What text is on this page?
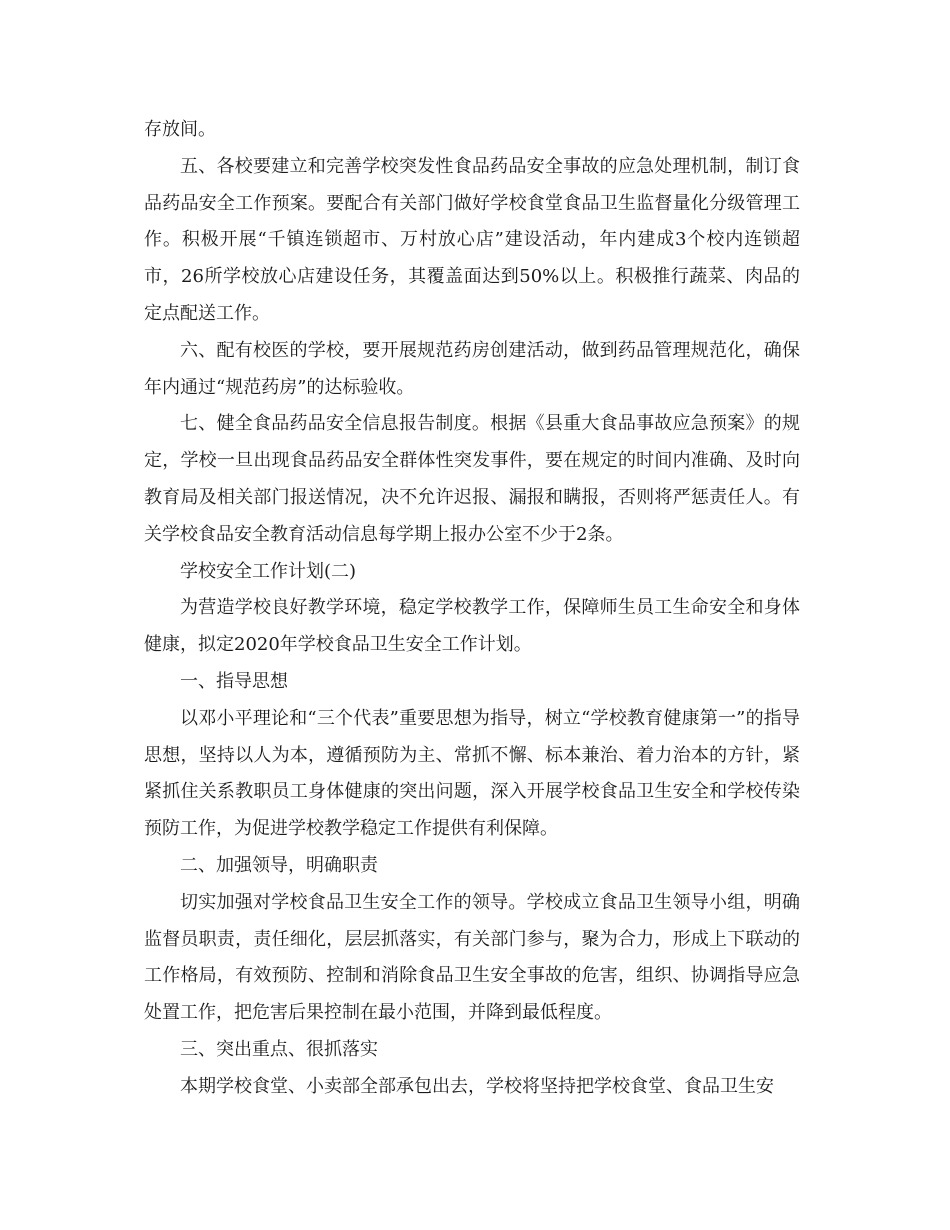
存放间。

五、各校要建立和完善学校突发性食品药品安全事故的应急处理机制，制订食品药品安全工作预案。要配合有关部门做好学校食堂食品卫生监督量化分级管理工作。积极开展“千镇连锁超市、万村放心店”建设活动，年内建成3个校内连锁超市，26所学校放心店建设任务，其覆盖面达到50%以上。积极推行蔬菜、肉品的定点配送工作。

六、配有校医的学校，要开展规范药房创建活动，做到药品管理规范化，确保年内通过“规范药房”的达标验收。

七、健全食品药品安全信息报告制度。根据《县重大食品事故应急预案》的规定，学校一旦出现食品药品安全群体性突发事件，要在规定的时间内准确、及时向教育局及相关部门报送情况，决不允许迟报、漏报和瞒报，否则将严惩责任人。有关学校食品安全教育活动信息每学期上报办公室不少于2条。

学校安全工作计划(二)

为营造学校良好教学环境，稳定学校教学工作，保障师生员工生命安全和身体健康，拟定2020年学校食品卫生安全工作计划。

一、指导思想

以邓小平理论和“三个代表”重要思想为指导，树立“学校教育健康第一”的指导思想，坚持以人为本，遵循预防为主、常抓不懈、标本兼治、着力治本的方针，紧紧抓住关系教职员工身体健康的突出问题，深入开展学校食品卫生安全和学校传染预防工作，为促进学校教学稳定工作提供有利保障。

二、加强领导，明确职责

切实加强对学校食品卫生安全工作的领导。学校成立食品卫生领导小组，明确监督员职责，责任细化，层层抓落实，有关部门参与，聚为合力，形成上下联动的工作格局，有效预防、控制和消除食品卫生安全事故的危害，组织、协调指导应急处置工作，把危害后果控制在最小范围，并降到最低程度。

三、突出重点、很抓落实

本期学校食堂、小卖部全部承包出去，学校将坚持把学校食堂、食品卫生安
